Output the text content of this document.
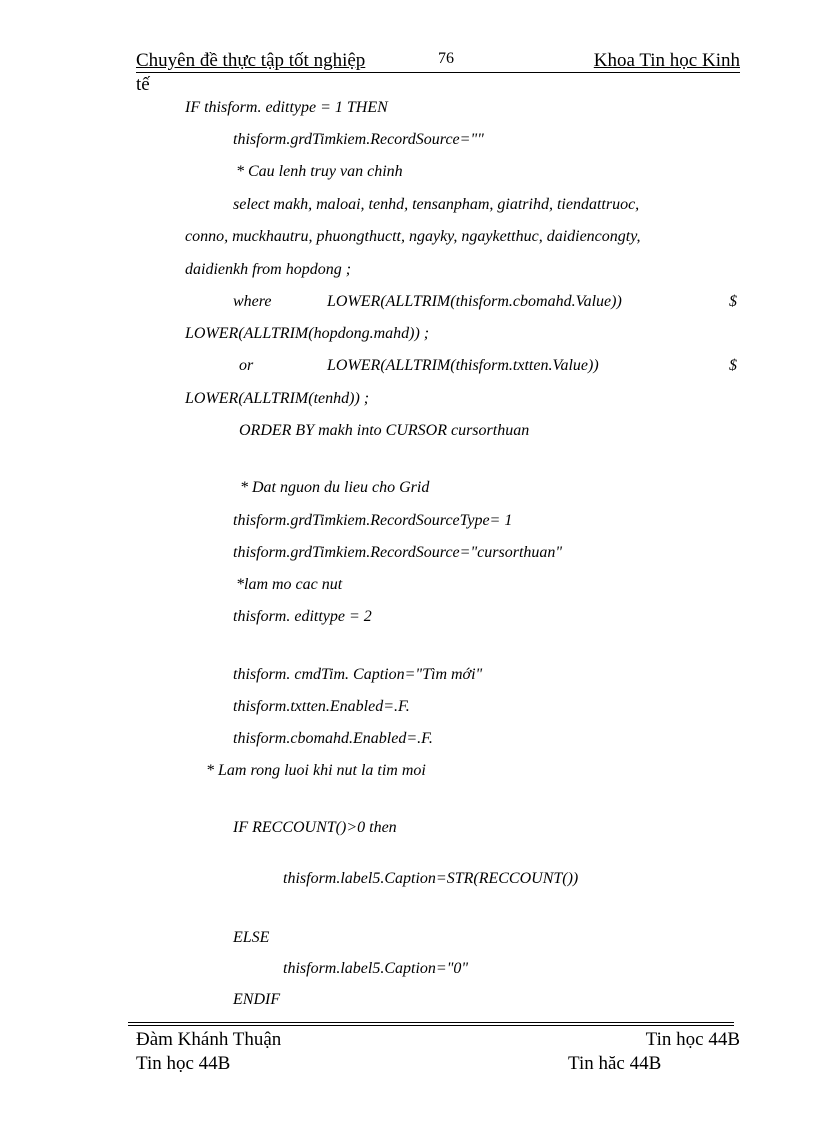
Chuyên đề thực tập tốt nghiệp	76	Khoa Tin học Kinh
tế
IF thisform. edittype = 1 THEN
thisform.grdTimkiem.RecordSource=""
* Cau lenh truy van chinh
select makh, maloai, tenhd, tensanpham, giatrihd, tiendattruoc,
conno, muckhautru, phuongthuctt, ngayky, ngayketthuc, daidiencongty,
daidienkh from hopdong ;
where	LOWER(ALLTRIM(thisform.cbomahd.Value))	$
LOWER(ALLTRIM(hopdong.mahd)) ;
or	LOWER(ALLTRIM(thisform.txtten.Value))	$
LOWER(ALLTRIM(tenhd)) ;
ORDER BY makh into CURSOR cursorthuan
* Dat nguon du lieu cho Grid
thisform.grdTimkiem.RecordSourceType= 1
thisform.grdTimkiem.RecordSource="cursorthuan"
*lam mo cac nut
thisform. edittype = 2
thisform. cmdTim. Caption="Tìm mới"
thisform.txtten.Enabled=.F.
thisform.cbomahd.Enabled=.F.
* Lam rong luoi khi nut la tim moi
IF RECCOUNT()>0 then
thisform.label5.Caption=STR(RECCOUNT())
ELSE
thisform.label5.Caption="0"
ENDIF
Đàm Khánh Thuận	Tin học 44B
Tin học 44B	Tin hăc 44B
